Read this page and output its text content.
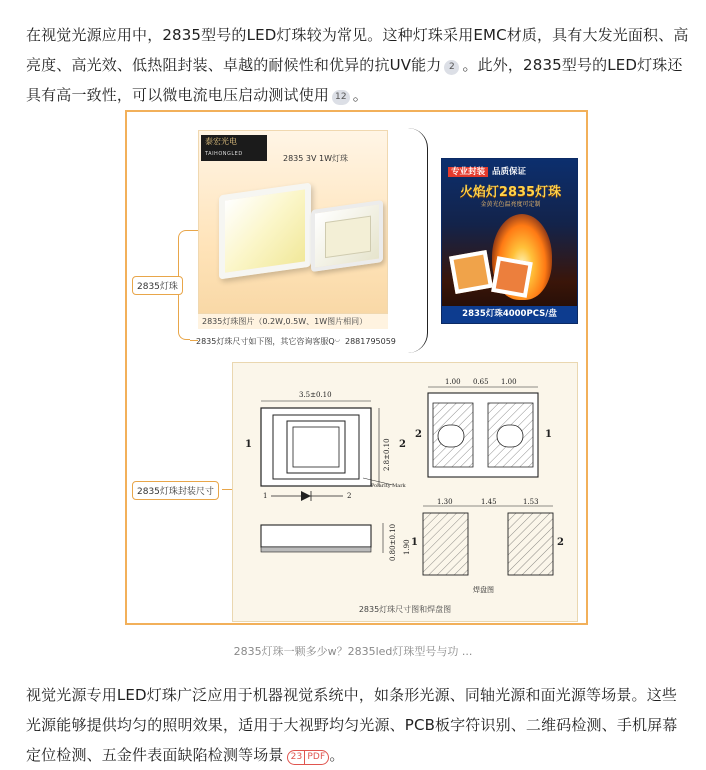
在视觉光源应用中，2835型号的LED灯珠较为常见。这种灯珠采用EMC材质，具有大发光面积、高亮度、高光效、低热阻封装、卓越的耐候性和优异的抗UV能力 2 。此外，2835型号的LED灯珠还具有高一致性，可以微电流电压启动测试使用 12 。
2835灯珠
2835灯珠封装尺寸
泰宏光电
TAIHONGLED	2835 3V 1W灯珠
2835灯珠图片（0.2W,0.5W、1W图片相同）
2835灯珠尺寸如下图，其它咨询客服Q◡ 2881795059
专业封装 品质保证
火焰灯2835灯珠
金黄光色温亮度可定制
2835灯珠4000PCS/盘
3.5±0.10
2.8±0.10
1	2
Polarity Mark
1	2
0.80±0.10
1.00 0.65 1.00
2	1
1.30	1.45	1.53
1.90 1	2
焊盘图
2835灯珠尺寸图和焊盘图
2835灯珠一颗多少w？2835led灯珠型号与功 ...
视觉光源专用LED灯珠广泛应用于机器视觉系统中，如条形光源、同轴光源和面光源等场景。这些光源能够提供均匀的照明效果，适用于大视野均匀光源、PCB板字符识别、二维码检测、手机屏幕定位检测、五金件表面缺陷检测等场景 23 PDF 。
